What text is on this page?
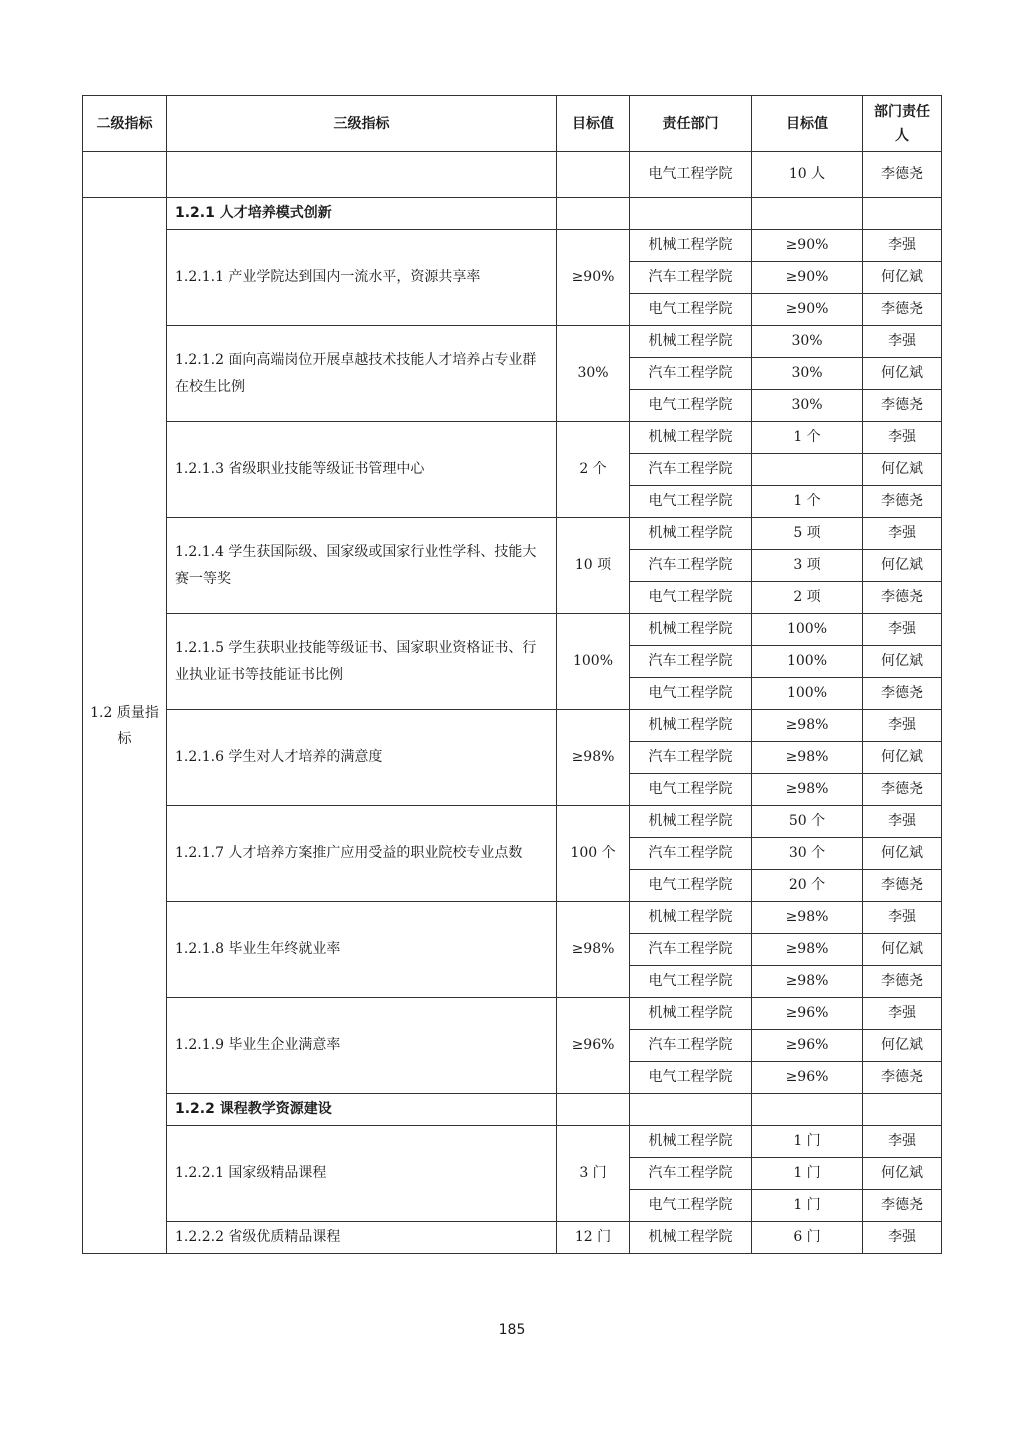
二级指标	三级指标	目标值	责任部门	目标值	部门责任人
			电气工程学院	10 人	李德尧
1.2 质量指标	1.2.1 人才培养模式创新				
	1.2.1.1 产业学院达到国内一流水平，资源共享率	≥90%	机械工程学院	≥90%	李强
			汽车工程学院	≥90%	何亿斌
			电气工程学院	≥90%	李德尧
	1.2.1.2 面向高端岗位开展卓越技术技能人才培养占专业群在校生比例	30%	机械工程学院	30%	李强
			汽车工程学院	30%	何亿斌
			电气工程学院	30%	李德尧
	1.2.1.3 省级职业技能等级证书管理中心	2 个	机械工程学院	1 个	李强
			汽车工程学院		何亿斌
			电气工程学院	1 个	李德尧
	1.2.1.4 学生获国际级、国家级或国家行业性学科、技能大赛一等奖	10 项	机械工程学院	5 项	李强
			汽车工程学院	3 项	何亿斌
			电气工程学院	2 项	李德尧
	1.2.1.5 学生获职业技能等级证书、国家职业资格证书、行业执业证书等技能证书比例	100%	机械工程学院	100%	李强
			汽车工程学院	100%	何亿斌
			电气工程学院	100%	李德尧
	1.2.1.6 学生对人才培养的满意度	≥98%	机械工程学院	≥98%	李强
			汽车工程学院	≥98%	何亿斌
			电气工程学院	≥98%	李德尧
	1.2.1.7 人才培养方案推广应用受益的职业院校专业点数	100 个	机械工程学院	50 个	李强
			汽车工程学院	30 个	何亿斌
			电气工程学院	20 个	李德尧
	1.2.1.8 毕业生年终就业率	≥98%	机械工程学院	≥98%	李强
			汽车工程学院	≥98%	何亿斌
			电气工程学院	≥98%	李德尧
	1.2.1.9 毕业生企业满意率	≥96%	机械工程学院	≥96%	李强
			汽车工程学院	≥96%	何亿斌
			电气工程学院	≥96%	李德尧
	1.2.2 课程教学资源建设				
	1.2.2.1 国家级精品课程	3 门	机械工程学院	1 门	李强
			汽车工程学院	1 门	何亿斌
			电气工程学院	1 门	李德尧
	1.2.2.2 省级优质精品课程	12 门	机械工程学院	6 门	李强
185
